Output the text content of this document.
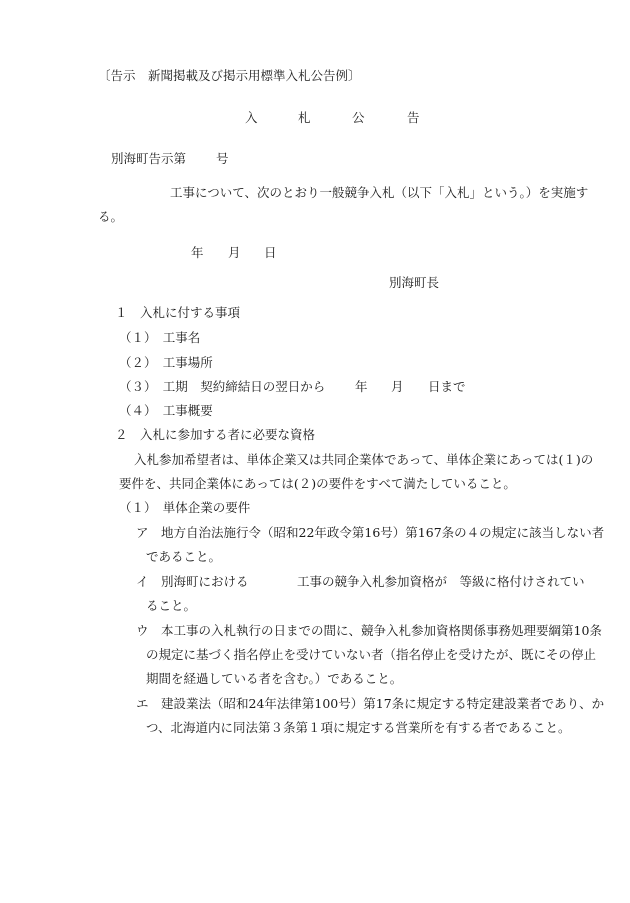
〔告示　新聞掲載及び掲示用標準入札公告例〕
入	札	公	告
別海町告示第 号
工事について、次のとおり一般競争入札（以下「入札」という。）を実施す
る。
年 月 日
別海町長
１　入札に付する事項
（１）　工事名
（２）　工事場所
（３）　工期　契約締結日の翌日から 年 月 日まで
（４）　工事概要
２　入札に参加する者に必要な資格
入札参加希望者は、単体企業又は共同企業体であって、単体企業にあっては(１)の
要件を、共同企業体にあっては(２)の要件をすべて満たしていること。
（１）　単体企業の要件
ア　地方自治法施行令（昭和22年政令第16号）第167条の４の規定に該当しない者
であること。
イ　別海町における	工事の競争入札参加資格が　等級に格付けされてい
ること。
ウ　本工事の入札執行の日までの間に、競争入札参加資格関係事務処理要綱第10条
の規定に基づく指名停止を受けていない者（指名停止を受けたが、既にその停止
期間を経過している者を含む。）であること。
エ　建設業法（昭和24年法律第100号）第17条に規定する特定建設業者であり、か
つ、北海道内に同法第３条第１項に規定する営業所を有する者であること。
